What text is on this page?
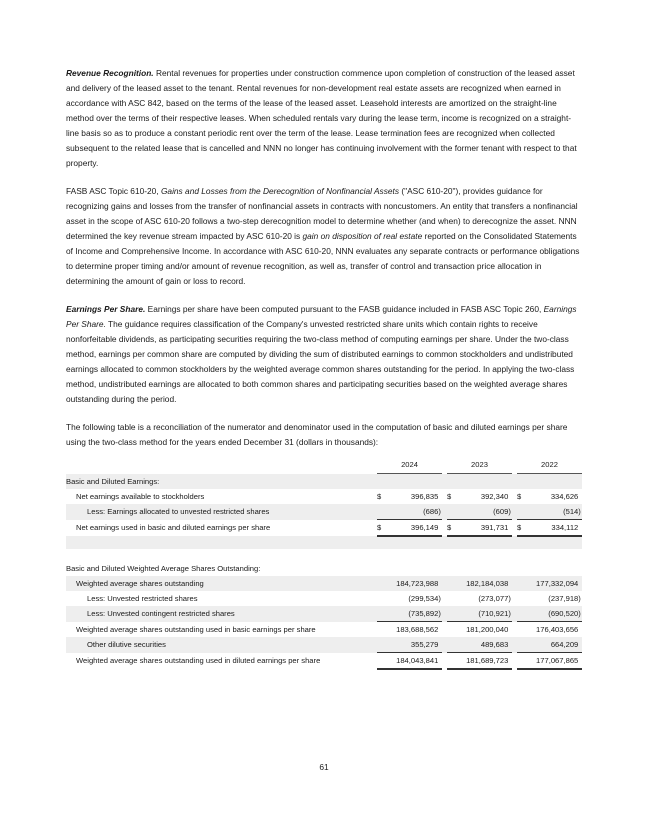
Revenue Recognition. Rental revenues for properties under construction commence upon completion of construction of the leased asset and delivery of the leased asset to the tenant. Rental revenues for non-development real estate assets are recognized when earned in accordance with ASC 842, based on the terms of the lease of the leased asset. Leasehold interests are amortized on the straight-line method over the terms of their respective leases. When scheduled rentals vary during the lease term, income is recognized on a straight-line basis so as to produce a constant periodic rent over the term of the lease. Lease termination fees are recognized when collected subsequent to the related lease that is cancelled and NNN no longer has continuing involvement with the former tenant with respect to that property.

FASB ASC Topic 610-20, Gains and Losses from the Derecognition of Nonfinancial Assets ("ASC 610-20"), provides guidance for recognizing gains and losses from the transfer of nonfinancial assets in contracts with noncustomers. An entity that transfers a nonfinancial asset in the scope of ASC 610-20 follows a two-step derecognition model to determine whether (and when) to derecognize the asset. NNN determined the key revenue stream impacted by ASC 610-20 is gain on disposition of real estate reported on the Consolidated Statements of Income and Comprehensive Income. In accordance with ASC 610-20, NNN evaluates any separate contracts or performance obligations to determine proper timing and/or amount of revenue recognition, as well as, transfer of control and transaction price allocation in determining the amount of gain or loss to record.

Earnings Per Share. Earnings per share have been computed pursuant to the FASB guidance included in FASB ASC Topic 260, Earnings Per Share. The guidance requires classification of the Company's unvested restricted share units which contain rights to receive nonforfeitable dividends, as participating securities requiring the two-class method of computing earnings per share. Under the two-class method, earnings per common share are computed by dividing the sum of distributed earnings to common stockholders and undistributed earnings allocated to common stockholders by the weighted average common shares outstanding for the period. In applying the two-class method, undistributed earnings are allocated to both common shares and participating securities based on the weighted average shares outstanding during the period.

The following table is a reconciliation of the numerator and denominator used in the computation of basic and diluted earnings per share using the two-class method for the years ended December 31 (dollars in thousands):

	2024				2023				2022		
Basic and Diluted Earnings:											
Net earnings available to stockholders	$	396,835			$	392,340			$	334,626	
Less: Earnings allocated to unvested restricted shares		(686	)			(609	)			(514	)
Net earnings used in basic and diluted earnings per share	$	396,149			$	391,731			$	334,112	

Basic and Diluted Weighted Average Shares Outstanding:											
Weighted average shares outstanding		184,723,988				182,184,038				177,332,094	
Less: Unvested restricted shares		(299,534	)			(273,077	)			(237,918	)
Less: Unvested contingent restricted shares		(735,892	)			(710,921	)			(690,520	)
Weighted average shares outstanding used in basic earnings per share		183,688,562				181,200,040				176,403,656	
Other dilutive securities		355,279				489,683				664,209	
Weighted average shares outstanding used in diluted earnings per share		184,043,841				181,689,723				177,067,865	
61
